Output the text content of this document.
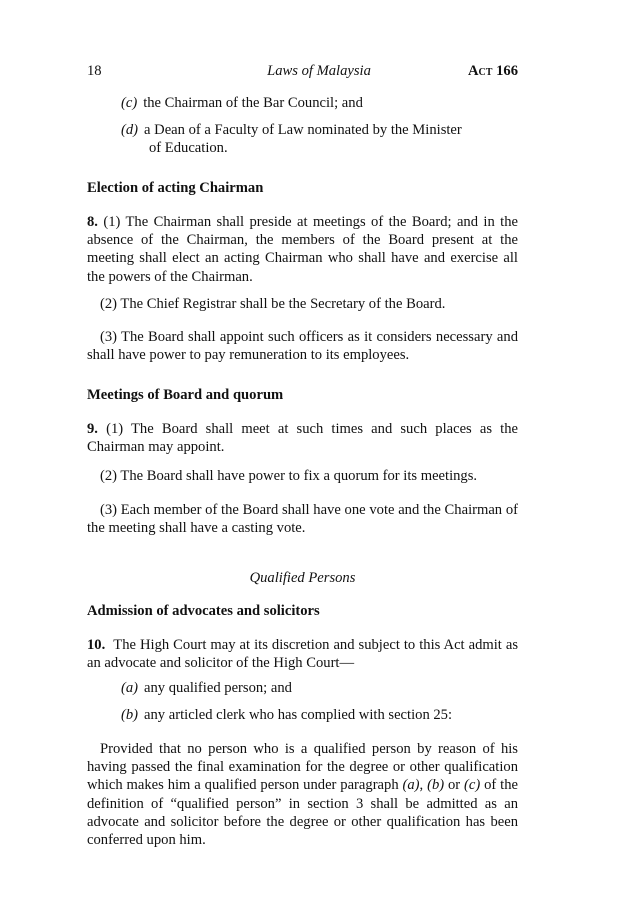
18	Laws of Malaysia	Act 166
(c) the Chairman of the Bar Council; and
(d) a Dean of a Faculty of Law nominated by the Minister
of Education.
Election of acting Chairman
8. (1) The Chairman shall preside at meetings of the Board; and in the absence of the Chairman, the members of the Board present at the meeting shall elect an acting Chairman who shall have and exercise all the powers of the Chairman.
(2) The Chief Registrar shall be the Secretary of the Board.
(3) The Board shall appoint such officers as it considers necessary and shall have power to pay remuneration to its employees.
Meetings of Board and quorum
9. (1) The Board shall meet at such times and such places as the Chairman may appoint.
(2) The Board shall have power to fix a quorum for its meetings.
(3) Each member of the Board shall have one vote and the Chairman of the meeting shall have a casting vote.
Qualified Persons
Admission of advocates and solicitors
10. The High Court may at its discretion and subject to this Act admit as an advocate and solicitor of the High Court—
(a) any qualified person; and
(b) any articled clerk who has complied with section 25:
Provided that no person who is a qualified person by reason of his having passed the final examination for the degree or other qualification which makes him a qualified person under paragraph (a), (b) or (c) of the definition of “qualified person” in section 3 shall be admitted as an advocate and solicitor before the degree or other qualification has been conferred upon him.
